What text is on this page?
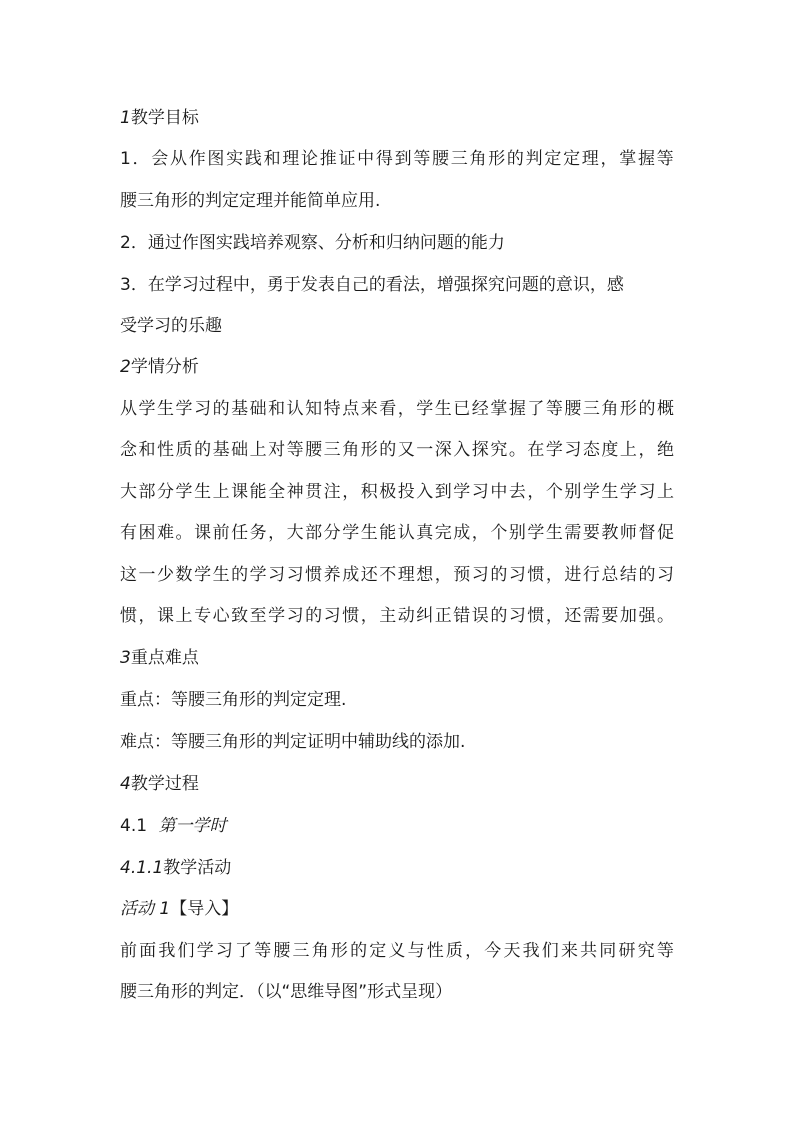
1教学目标
1 ． 会 从 作 图 实 践 和 理 论 推 证 中 得 到 等 腰 三 角 形 的 判 定 定 理 ， 掌 握 等
腰三角形的判定定理并能简单应用.
2．通过作图实践培养观察、分析和归纳问题的能力
3．在学习过程中，勇于发表自己的看法，增强探究问题的意识，感
受学习的乐趣
2学情分析
从 学 生 学 习 的 基 础 和 认 知 特 点 来 看 ， 学 生 已 经 掌 握 了 等 腰 三 角 形 的 概
念 和 性 质 的 基 础 上 对 等 腰 三 角 形 的 又 一 深 入 探 究 。 在 学 习 态 度 上 ， 绝
大 部 分 学 生 上 课 能 全 神 贯 注 ， 积 极 投 入 到 学 习 中 去 ， 个 别 学 生 学 习 上
有 困 难 。 课 前 任 务 ， 大 部 分 学 生 能 认 真 完 成 ， 个 别 学 生 需 要 教 师 督 促
这 一 少 数 学 生 的 学 习 习 惯 养 成 还 不 理 想 ， 预 习 的 习 惯 ， 进 行 总 结 的 习
惯 ， 课 上 专 心 致 至 学 习 的 习 惯 ， 主 动 纠 正 错 误 的 习 惯 ， 还 需 要 加 强 。
3重点难点
重点：等腰三角形的判定定理.
难点：等腰三角形的判定证明中辅助线的添加.
4教学过程
4.1 第一学时
4.1.1教学活动
活动 1【导入】
前 面 我 们 学 习 了 等 腰 三 角 形 的 定 义 与 性 质 ， 今 天 我 们 来 共 同 研 究 等
腰三角形的判定．（以“思维导图”形式呈现）
